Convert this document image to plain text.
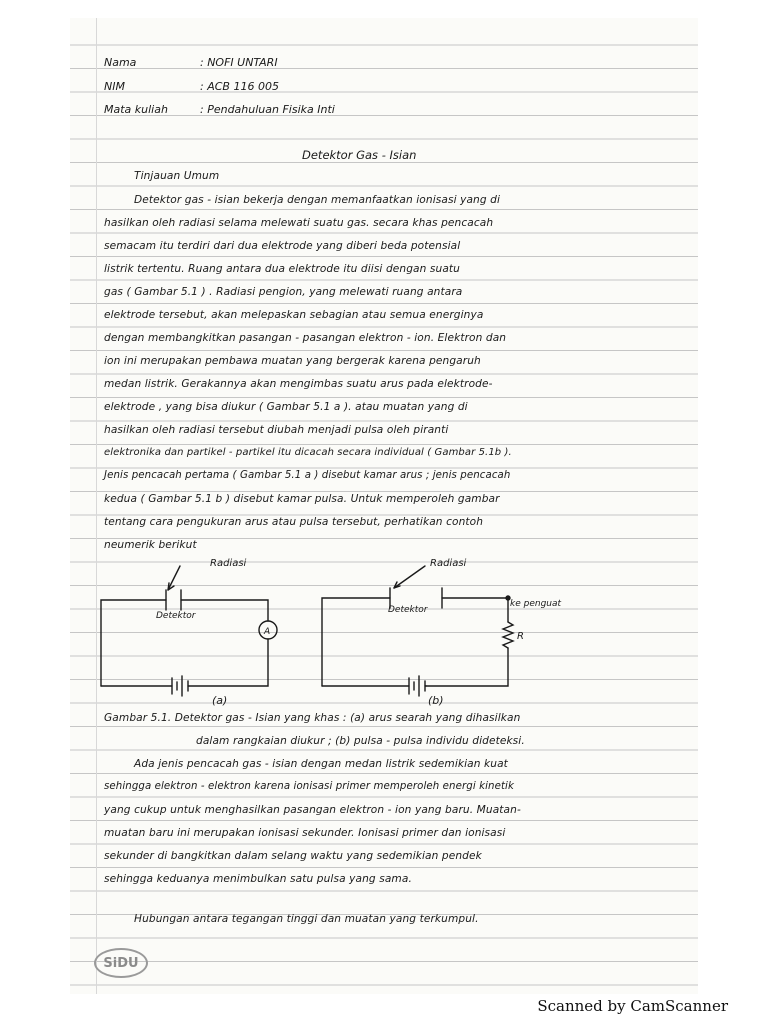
Nama	: NOFI UNTARI
NIM	: ACB 116 005
Mata kuliah	: Pendahuluan Fisika Inti
Detektor Gas - Isian
Tinjauan Umum
Detektor gas - isian bekerja dengan memanfaatkan ionisasi yang di
hasilkan oleh radiasi selama melewati suatu gas. secara khas pencacah
semacam itu terdiri dari dua elektrode yang diberi beda potensial
listrik tertentu. Ruang antara dua elektrode itu diisi dengan suatu
gas ( Gambar 5.1 ) . Radiasi pengion, yang melewati ruang antara
elektrode tersebut, akan melepaskan sebagian atau semua energinya
dengan membangkitkan pasangan - pasangan elektron - ion. Elektron dan
ion ini merupakan pembawa muatan yang bergerak karena pengaruh
medan listrik. Gerakannya akan mengimbas suatu arus pada elektrode-
elektrode , yang bisa diukur ( Gambar 5.1 a ). atau muatan yang di
hasilkan oleh radiasi tersebut diubah menjadi pulsa oleh piranti
elektronika dan partikel - partikel itu dicacah secara individual ( Gambar 5.1b ).
Jenis pencacah pertama ( Gambar 5.1 a ) disebut kamar arus ; jenis pencacah
kedua ( Gambar 5.1 b ) disebut kamar pulsa. Untuk memperoleh gambar
tentang cara pengukuran arus atau pulsa tersebut, perhatikan contoh
neumerik berikut
Radiasi
Detektor
A
(a)
Radiasi
Detektor
ke penguat
R
(b)
Gambar 5.1. Detektor gas - Isian yang khas : (a) arus searah yang dihasilkan
dalam rangkaian diukur ; (b) pulsa - pulsa individu dideteksi.
Ada jenis pencacah gas - isian dengan medan listrik sedemikian kuat
sehingga elektron - elektron karena ionisasi primer memperoleh energi kinetik
yang cukup untuk menghasilkan pasangan elektron - ion yang baru. Muatan-
muatan baru ini merupakan ionisasi sekunder. Ionisasi primer dan ionisasi
sekunder di bangkitkan dalam selang waktu yang sedemikian pendek
sehingga keduanya menimbulkan satu pulsa yang sama.
Hubungan antara tegangan tinggi dan muatan yang terkumpul.
SiDU
Scanned by CamScanner
